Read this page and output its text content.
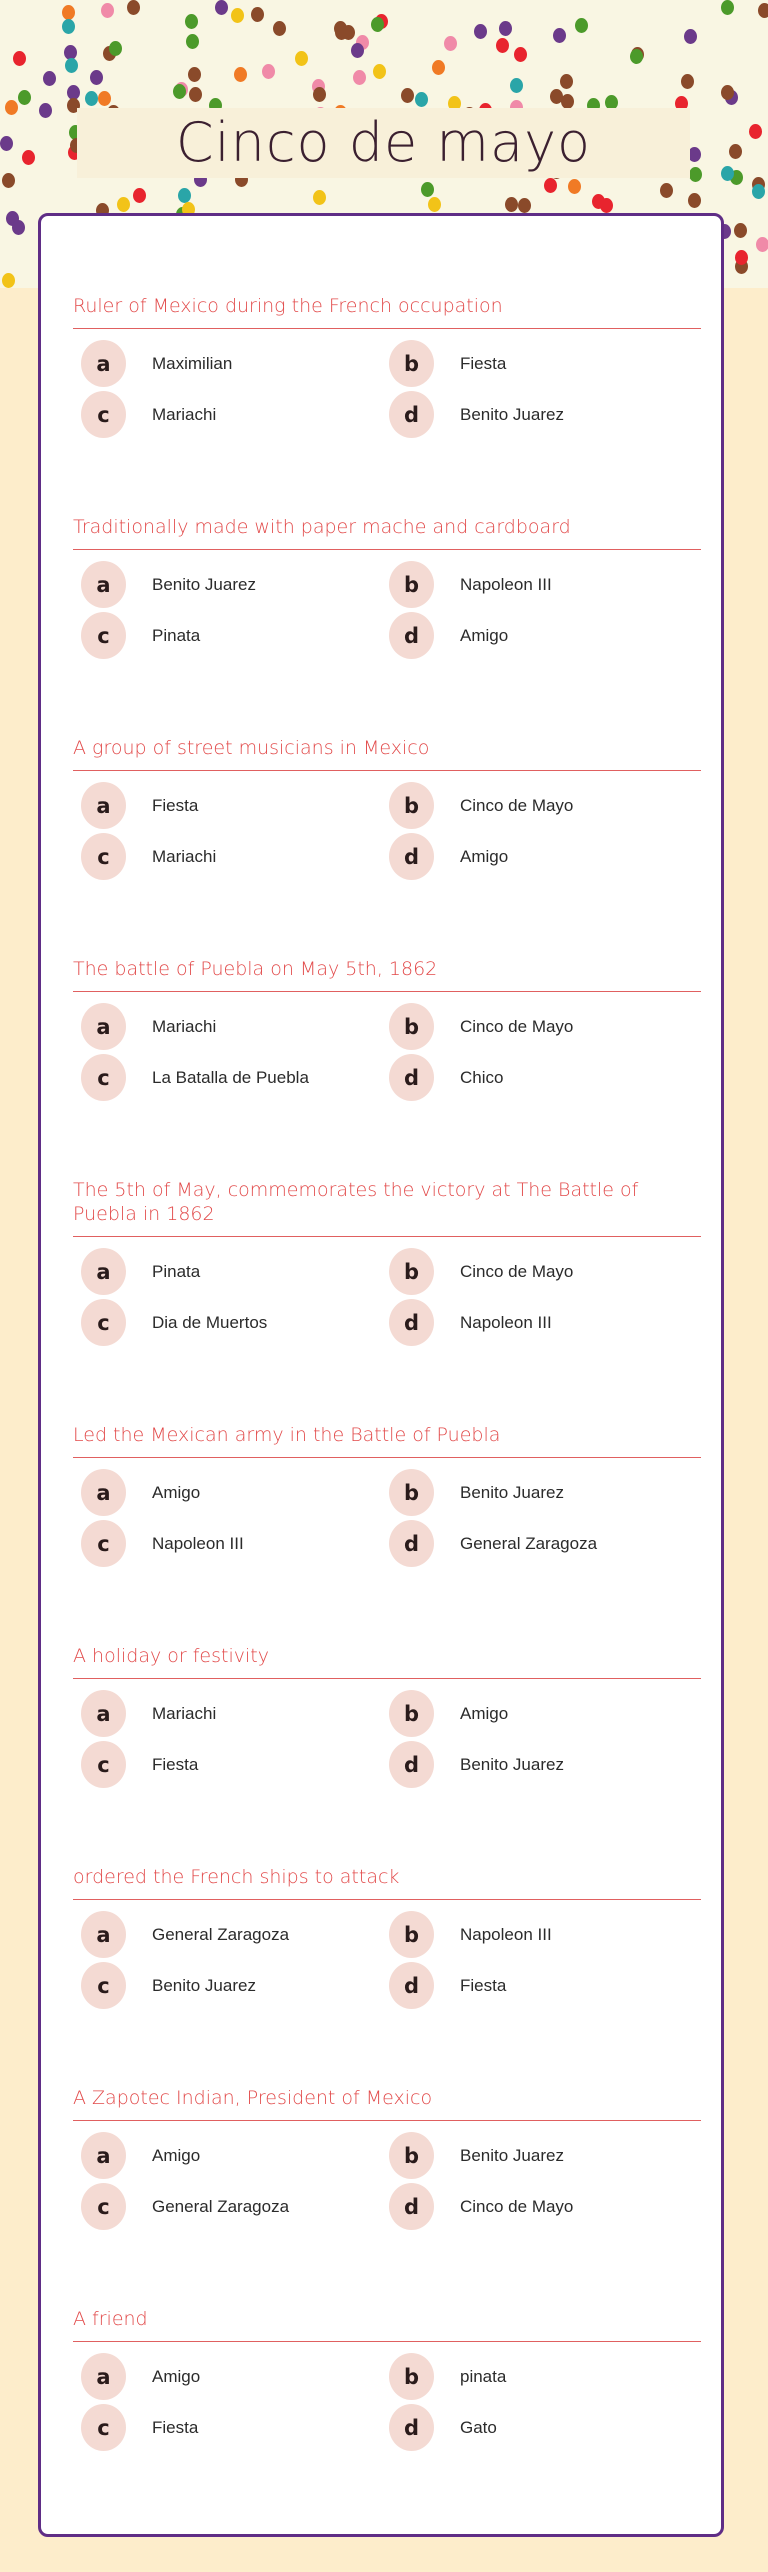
Cinco de mayo
Ruler of Mexico during the French occupation
a	Maximilian	b	Fiesta
c	Mariachi	d	Benito Juarez
Traditionally made with paper mache and cardboard
a	Benito Juarez	b	Napoleon III
c	Pinata	d	Amigo
A group of street musicians in Mexico
a	Fiesta	b	Cinco de Mayo
c	Mariachi	d	Amigo
The battle of Puebla on May 5th, 1862
a	Mariachi	b	Cinco de Mayo
c	La Batalla de Puebla	d	Chico
The 5th of May, commemorates the victory at The Battle of Puebla in 1862
a	Pinata	b	Cinco de Mayo
c	Dia de Muertos	d	Napoleon III
Led the Mexican army in the Battle of Puebla
a	Amigo	b	Benito Juarez
c	Napoleon III	d	General Zaragoza
A holiday or festivity
a	Mariachi	b	Amigo
c	Fiesta	d	Benito Juarez
ordered the French ships to attack
a	General Zaragoza	b	Napoleon III
c	Benito Juarez	d	Fiesta
A Zapotec Indian, President of Mexico
a	Amigo	b	Benito Juarez
c	General Zaragoza	d	Cinco de Mayo
A friend
a	Amigo	b	pinata
c	Fiesta	d	Gato
